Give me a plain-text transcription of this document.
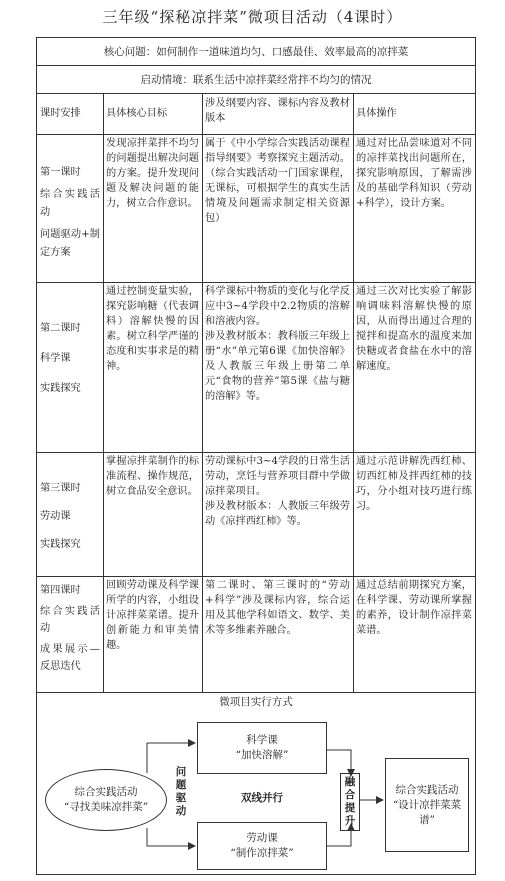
三年级“探秘凉拌菜”微项目活动（4课时）
核心问题：如何制作一道味道均匀、口感最佳、效率最高的凉拌菜
启动情境：联系生活中凉拌菜经常拌不均匀的情况
课时安排	具体核心目标
涉及纲要内容、课标内容及教材版本	具体操作
第一课时
综合实践活动
问题驱动+制定方案
发现凉拌菜拌不均匀的问题提出解决问题的方案。提升发现问题及解决问题的能力，树立合作意识。
属于《中小学综合实践活动课程指导纲要》考察探究主题活动。（综合实践活动一门国家课程，无课标，可根据学生的真实生活情境及问题需求制定相关资源包）
通过对比品尝味道对不同的凉拌菜找出问题所在，探究影响原因，了解需涉及的基础学科知识（劳动+科学），设计方案。
第二课时
科学课
实践探究
通过控制变量实验，探究影响糖（代表调料）溶解快慢的因素。树立科学严谨的态度和实事求是的精神。
科学课标中物质的变化与化学反应中3~4学段中2.2物质的溶解和溶液内容。
涉及教材版本：教科版三年级上册“水”单元第6课《加快溶解》及人教版三年级上册第二单元“食物的营养”第5课《盐与糖的溶解》等。
通过三次对比实验了解影响调味料溶解快慢的原因，从而得出通过合理的搅拌和提高水的温度来加快糖或者食盐在水中的溶解速度。
第三课时
劳动课
实践探究
掌握凉拌菜制作的标准流程、操作规范，树立食品安全意识。
劳动课标中3~4学段的日常生活劳动，烹饪与营养项目群中学做凉拌菜项目。
涉及教材版本：人教版三年级劳动《凉拌西红柿》等。
通过示范讲解洗西红柿、切西红柿及拌西红柿的技巧，分小组对技巧进行练习。
第四课时
综合实践活动
成果展示—反思迭代
回顾劳动课及科学课所学的内容，小组设计凉拌菜菜谱。提升创新能力和审美情趣。
第二课时、第三课时的“劳动+科学”涉及课标内容，综合运用及其他学科如语文、数学、美术等多维素养融合。
通过总结前期探究方案，在科学课、劳动课所掌握的素养，设计制作凉拌菜菜谱。
微项目实行方式
综合实践活动
“寻找美味凉拌菜”
问题驱动
科学课
“加快溶解”
双线并行
劳动课
“制作凉拌菜”
融合提升
综合实践活动
“设计凉拌菜菜谱”
